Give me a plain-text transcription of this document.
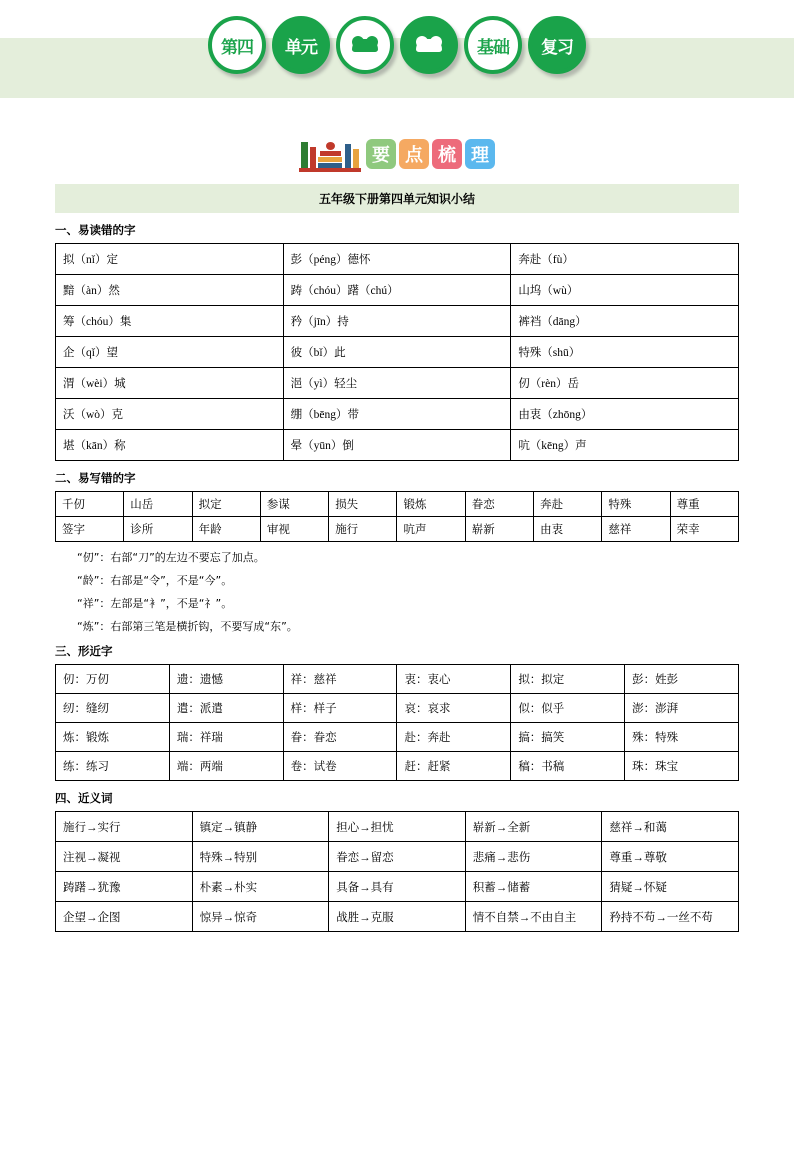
第四 单元	基础 复习
要 点 梳 理
五年级下册第四单元知识小结
一、易读错的字
拟（nǐ）定	彭（péng）德怀	奔赴（fù）
黯（àn）然	踌（chóu）躇（chú）	山坞（wù）
筹（chóu）集	矜（jīn）持	裤裆（dāng）
企（qǐ）望	彼（bǐ）此	特殊（shū）
渭（wèi）城	浥（yì）轻尘	仞（rèn）岳
沃（wò）克	绷（bēng）带	由衷（zhōng）
堪（kān）称	晕（yūn）倒	吭（kēng）声
二、易写错的字
千仞	山岳	拟定	参谋	损失	锻炼	眷恋	奔赴	特殊	尊重
签字	诊所	年龄	审视	施行	吭声	崭新	由衷	慈祥	荣幸
“仞”：右部“刀”的左边不要忘了加点。
“龄”：右部是“令”，不是“今”。
“祥”：左部是“衤”，不是“礻”。
“炼”：右部第三笔是横折钩，不要写成“东”。
三、形近字
仞：万仞	遗：遗憾	祥：慈祥	衷：衷心	拟：拟定	彭：姓彭
纫：缝纫	遣：派遣	样：样子	哀：哀求	似：似乎	澎：澎湃
炼：锻炼	瑞：祥瑞	眷：眷恋	赴：奔赴	搞：搞笑	殊：特殊
练：练习	端：两端	卷：试卷	赶：赶紧	稿：书稿	珠：珠宝
四、近义词
施行→实行	镇定→镇静	担心→担忧	崭新→全新	慈祥→和蔼
注视→凝视	特殊→特别	眷恋→留恋	悲痛→悲伤	尊重→尊敬
踌躇→犹豫	朴素→朴实	具备→具有	积蓄→储蓄	猜疑→怀疑
企望→企图	惊异→惊奇	战胜→克服	情不自禁→不由自主	矜持不苟→一丝不苟
